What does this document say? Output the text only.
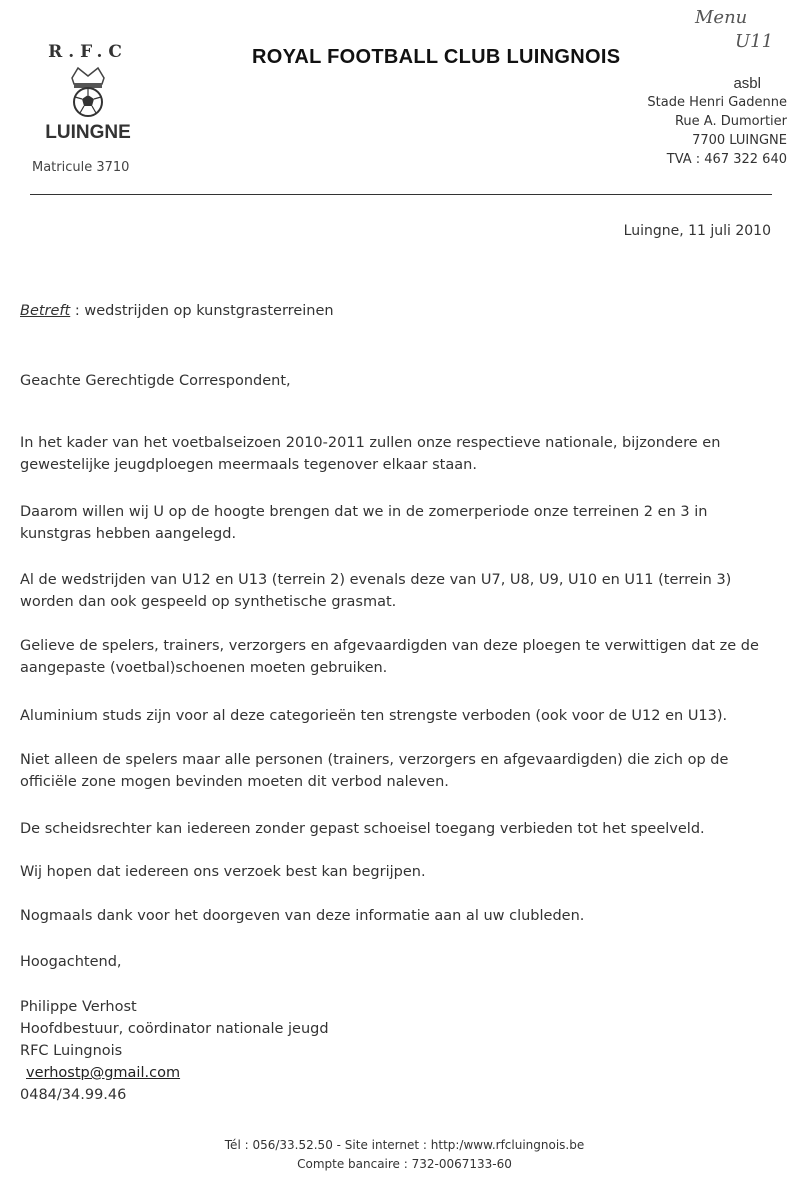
R.F.C
LUINGNE
Matricule 3710
ROYAL FOOTBALL CLUB LUINGNOIS
Menu
U11
asbl
Stade Henri Gadenne
Rue A. Dumortier
7700 LUINGNE
TVA : 467 322 640
Luingne, 11 juli 2010
Betreft : wedstrijden op kunstgrasterreinen
Geachte Gerechtigde Correspondent,
In het kader van het voetbalseizoen 2010-2011 zullen onze respectieve nationale, bijzondere en gewestelijke jeugdploegen meermaals tegenover elkaar staan.
Daarom willen wij U op de hoogte brengen dat we in de zomerperiode onze terreinen 2 en 3 in kunstgras hebben aangelegd.
Al de wedstrijden van U12 en U13 (terrein 2) evenals deze van U7, U8, U9, U10 en U11 (terrein 3) worden dan ook gespeeld op synthetische grasmat.
Gelieve de spelers, trainers, verzorgers en afgevaardigden van deze ploegen te verwittigen dat ze de aangepaste (voetbal)schoenen moeten gebruiken.
Aluminium studs zijn voor al deze categorieën ten strengste verboden (ook voor de U12 en U13).
Niet alleen de spelers maar alle personen (trainers, verzorgers en afgevaardigden) die zich op de officiële zone mogen bevinden moeten dit verbod naleven.
De scheidsrechter kan iedereen zonder gepast schoeisel toegang verbieden tot het speelveld.
Wij hopen dat iedereen ons verzoek best kan begrijpen.
Nogmaals dank voor het doorgeven van deze informatie aan al uw clubleden.
Hoogachtend,
Philippe Verhost
Hoofdbestuur, coördinator nationale jeugd
RFC Luingnois
verhostp@gmail.com
0484/34.99.46
Tél : 056/33.52.50 - Site internet : http:/www.rfcluingnois.be
Compte bancaire : 732-0067133-60
